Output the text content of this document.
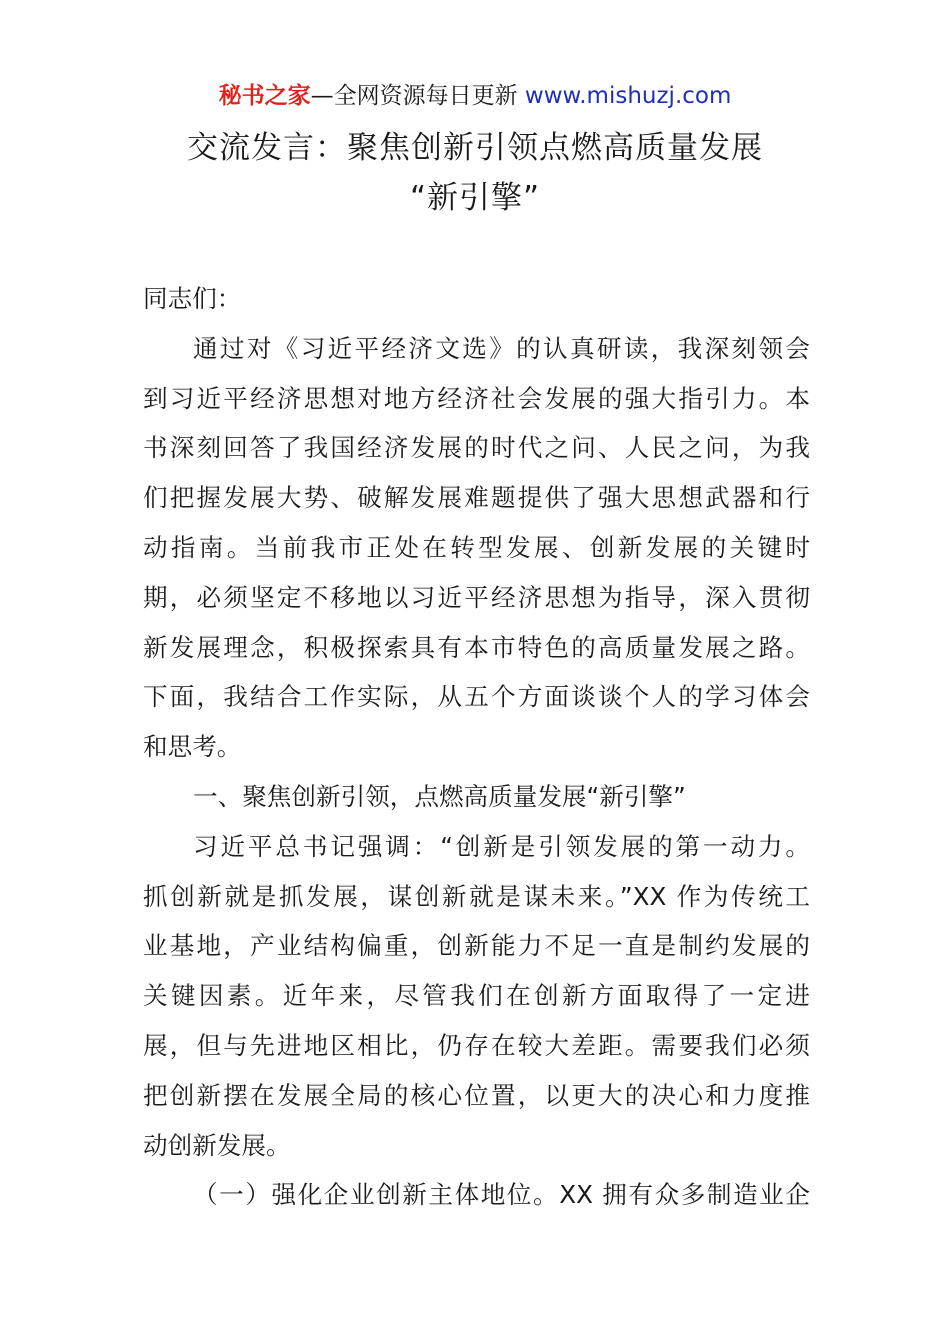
秘书之家—全网资源每日更新 www.mishuzj.com
交流发言：聚焦创新引领点燃高质量发展
“新引擎”
同志们：
通过对《习近平经济文选》的认真研读，我深刻领会
到习近平经济思想对地方经济社会发展的强大指引力。本
书深刻回答了我国经济发展的时代之问、人民之问，为我
们把握发展大势、破解发展难题提供了强大思想武器和行
动指南。当前我市正处在转型发展、创新发展的关键时
期，必须坚定不移地以习近平经济思想为指导，深入贯彻
新发展理念，积极探索具有本市特色的高质量发展之路。
下面，我结合工作实际，从五个方面谈谈个人的学习体会
和思考。
一、聚焦创新引领，点燃高质量发展“新引擎”
习近平总书记强调：“创新是引领发展的第一动力。
抓创新就是抓发展，谋创新就是谋未来。”XX 作为传统工
业基地，产业结构偏重，创新能力不足一直是制约发展的
关键因素。近年来，尽管我们在创新方面取得了一定进
展，但与先进地区相比，仍存在较大差距。需要我们必须
把创新摆在发展全局的核心位置，以更大的决心和力度推
动创新发展。
（一）强化企业创新主体地位。XX 拥有众多制造业企
